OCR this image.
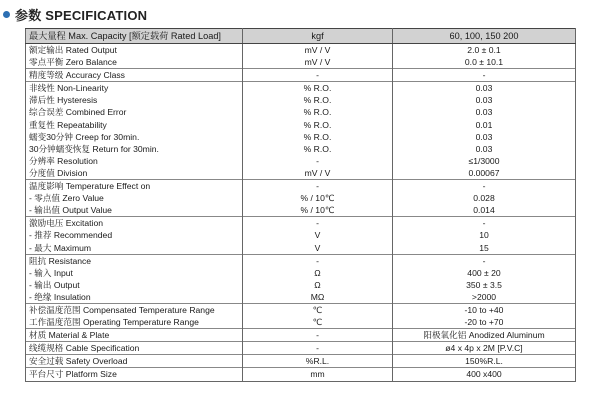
参数 SPECIFICATION
最大量程 Max. Capacity [额定载荷 Rated Load]	kgf	60, 100, 150 200
额定输出 Rated Output	mV / V	2.0 ± 0.1
零点平衡 Zero Balance	mV / V	0.0 ± 10.1
精度等级 Accuracy Class	-	-
非线性 Non-Linearity	% R.O.	0.03
滞后性 Hysteresis	% R.O.	0.03
综合误差 Combined Error	% R.O.	0.03
重复性 Repeatability	% R.O.	0.01
蠕变30分钟 Creep for 30min.	% R.O.	0.03
30分钟蠕变恢复 Return for 30min.	% R.O.	0.03
分辨率 Resolution	-	≤1/3000
分度值 Division	mV / V	0.00067
温度影响 Temperature Effect on	-	-
- 零点值 Zero Value	% / 10℃	0.028
- 输出值 Output Value	% / 10℃	0.014
激励电压 Excitation	-	-
- 推荐 Recommended	V	10
- 最大 Maximum	V	15
阻抗 Resistance	-	-
- 输入 Input	Ω	400 ± 20
- 输出 Output	Ω	350 ± 3.5
- 绝缘 Insulation	MΩ	>2000
补偿温度范围 Compensated Temperature Range	℃	-10 to +40
工作温度范围 Operating Temperature Range	℃	-20 to +70
材质 Material & Plate	-	阳极氧化铝 Anodized Aluminum
线缆规格 Cable Specification	-	ø4 x 4p x 2M [P.V.C]
安全过载 Safety Overload	%R.L.	150%R.L.
平台尺寸 Platform Size	mm	400 x400
